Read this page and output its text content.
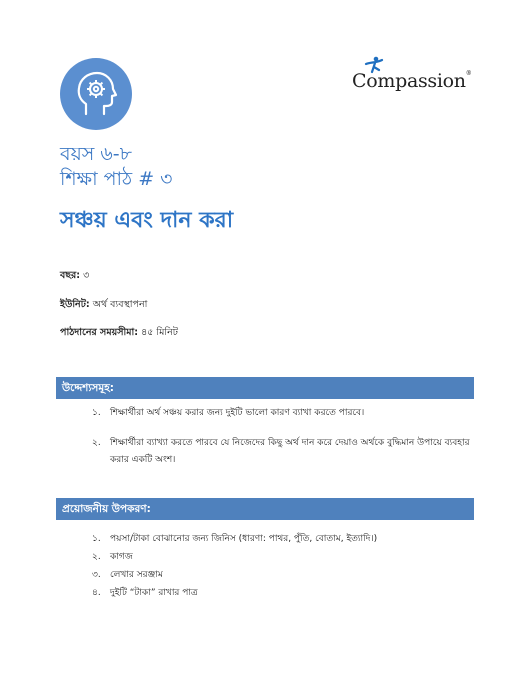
Compassion®
বয়স ৬-৮
শিক্ষা পাঠ # ৩
সঞ্চয় এবং দান করা
বছর: ৩
ইউনিট: অর্থ ব্যবস্থাপনা
পাঠদানের সময়সীমা: ৪৫ মিনিট
উদ্দেশ্যসমূহ:
১.	শিক্ষার্থীরা অর্থ সঞ্চয় করার জন্য দুইটি ভালো কারণ ব্যাখা করতে পারবে।
২.	শিক্ষার্থীরা ব্যাখ্যা করতে পারবে যে নিজেদের কিছু অর্থ দান করে দেয়াও অর্থকে বুদ্ধিমান উপায়ে ব্যবহার করার একটি অংশ।
প্রয়োজনীয় উপকরণ:
১.	পয়সা/টাকা বোঝানোর জন্য জিনিস (ধারণা: পাথর, পুঁতি, বোতাম, ইত্যাদি।)
২.	কাগজ
৩.	লেখার সরঞ্জাম
৪.	দুইটি “টাকা” রাখার পাত্র
